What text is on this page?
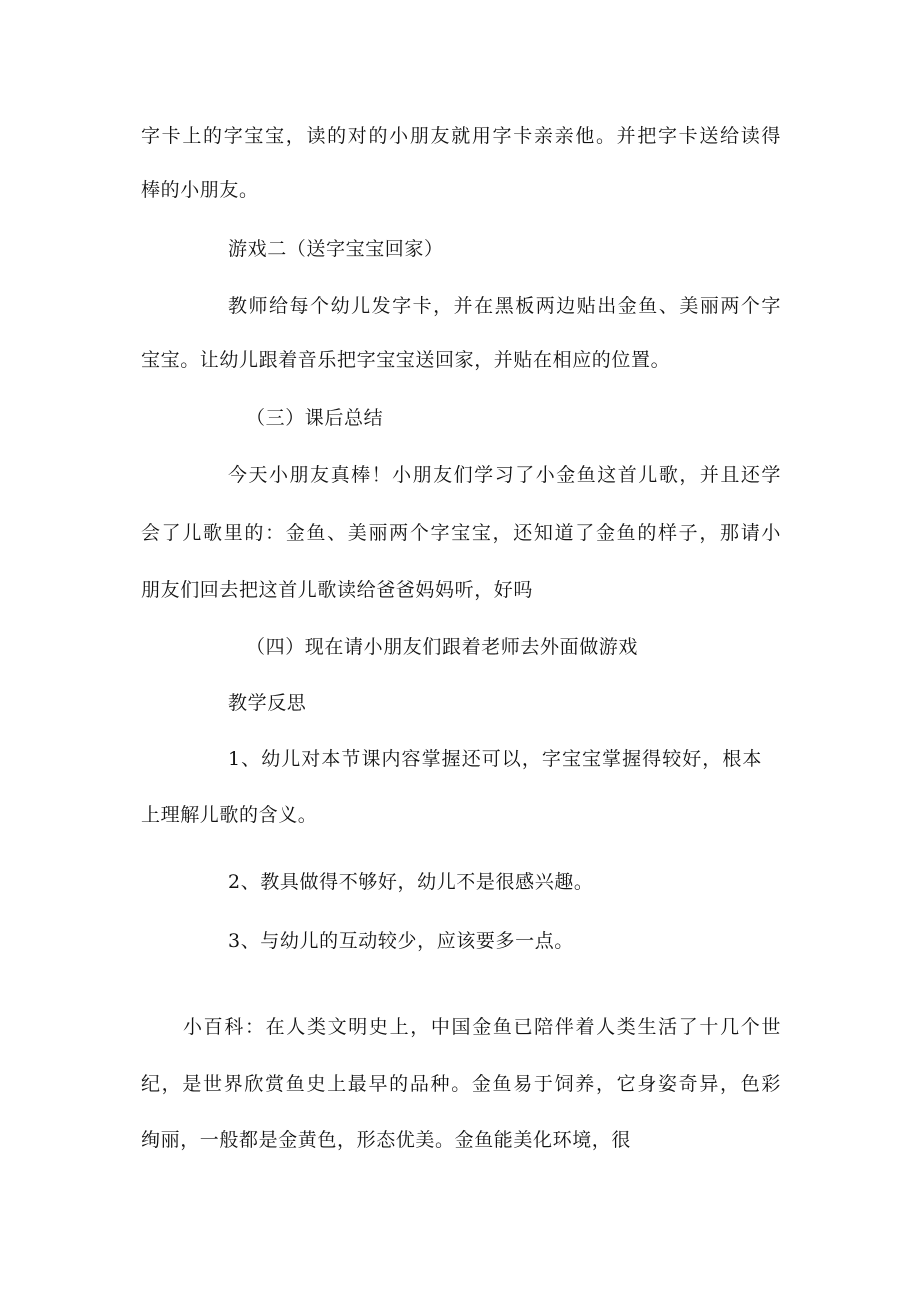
字卡上的字宝宝，读的对的小朋友就用字卡亲亲他。并把字卡送给读得
棒的小朋友。
游戏二（送字宝宝回家）
教师给每个幼儿发字卡，并在黑板两边贴出金鱼、美丽两个字
宝宝。让幼儿跟着音乐把字宝宝送回家，并贴在相应的位置。
（三）课后总结
今天小朋友真棒！小朋友们学习了小金鱼这首儿歌，并且还学
会了儿歌里的：金鱼、美丽两个字宝宝，还知道了金鱼的样子，那请小
朋友们回去把这首儿歌读给爸爸妈妈听，好吗
（四）现在请小朋友们跟着老师去外面做游戏
教学反思
1、幼儿对本节课内容掌握还可以，字宝宝掌握得较好，根本
上理解儿歌的含义。
2、教具做得不够好，幼儿不是很感兴趣。
3、与幼儿的互动较少，应该要多一点。
小百科：在人类文明史上，中国金鱼已陪伴着人类生活了十几个世
纪，是世界欣赏鱼史上最早的品种。金鱼易于饲养，它身姿奇异，色彩
绚丽，一般都是金黄色，形态优美。金鱼能美化环境，很
